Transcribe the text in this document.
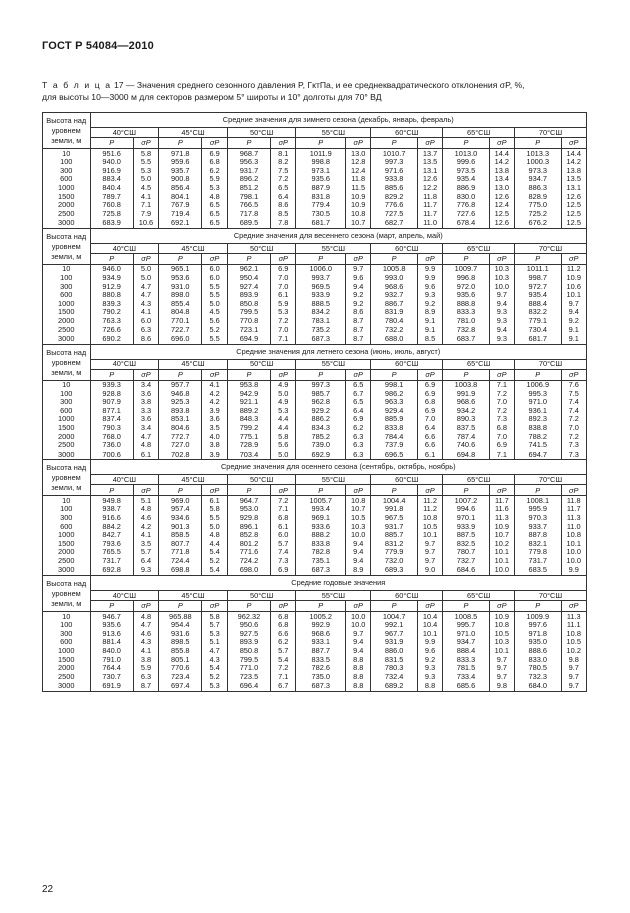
ГОСТ Р 54084—2010
Т а б л и ц а 17 — Значения среднего сезонного давления P, ГктПа, и ее среднеквадратического отклонения σP, %,
для высоты 10—3000 м для секторов размером 5° широты и 10° долготы для 70° ВД
Высота над уровнем земли, м	Средние значения для зимнего сезона (декабрь, январь, февраль)													
	40°СШ		45°СШ		50°СШ		55°СШ		60°СШ		65°СШ		70°СШ	
	P	σP	P	σP	P	σP	P	σP	P	σP	P	σP	P	σP
10	951.6	5.8	971.8	6.9	968.7	8.1	1011.9	13.0	1010.7	13.7	1013.0	14.4	1013.3	14.4
100	940.0	5.5	959.6	6.8	956.3	8.2	998.8	12.8	997.3	13.5	999.6	14.2	1000.3	14.2
300	916.9	5.3	935.7	6.2	931.7	7.5	973.1	12.4	971.6	13.1	973.5	13.8	973.3	13.8
600	883.4	5.0	900.8	5.9	896.2	7.2	935.6	11.8	933.8	12.6	935.4	13.4	934.7	13.5
1000	840.4	4.5	856.4	5.3	851.2	6.5	887.9	11.5	885.6	12.2	886.9	13.0	886.3	13.1
1500	789.7	4.1	804.1	4.8	798.1	6.4	831.8	10.9	829.2	11.8	830.0	12.6	828.9	12.6
2000	760.8	7.1	767.9	6.5	766.5	8.6	779.4	10.9	776.6	11.7	776.8	12.4	775.0	12.5
2500	725.8	7.9	719.4	6.5	717.8	8.5	730.5	10.8	727.5	11.7	727.6	12.5	725.2	12.5
3000	683.9	10.6	692.1	6.5	689.5	7.8	681.7	10.7	682.7	11.0	678.4	12.6	676.2	12.5
Высота над уровнем земли, м	Средние значения для весеннего сезона (март, апрель, май)													
	40°СШ		45°СШ		50°СШ		55°СШ		60°СШ		65°СШ		70°СШ	
	P	σP	P	σP	P	σP	P	σP	P	σP	P	σP	P	σP
10	946.0	5.0	965.1	6.0	962.1	6.9	1006.0	9.7	1005.8	9.9	1009.7	10.3	1011.1	11.2
100	934.9	5.0	953.6	6.0	950.4	7.0	993.7	9.6	993.0	9.9	996.8	10.3	998.7	10.9
300	912.9	4.7	931.0	5.5	927.4	7.0	969.5	9.4	968.6	9.6	972.0	10.0	972.7	10.6
600	880.8	4.7	898.0	5.5	893.9	6.1	933.9	9.2	932.7	9.3	935.6	9.7	935.4	10.1
1000	839.3	4.3	855.4	5.0	850.8	5.9	888.5	9.2	886.7	9.2	888.8	9.4	888.4	9.7
1500	790.2	4.1	804.8	4.5	799.5	5.3	834.2	8.6	831.9	8.9	833.3	9.3	832.2	9.4
2000	763.3	6.0	770.1	5.6	770.8	7.2	783.1	8.7	780.4	9.1	781.0	9.3	779.1	9.2
2500	726.6	6.3	722.7	5.2	723.1	7.0	735.2	8.7	732.2	9.1	732.8	9.4	730.4	9.1
3000	690.2	8.6	696.0	5.5	694.9	7.1	687.3	8.7	688.0	8.5	683.7	9.3	681.7	9.1
Высота над уровнем земли, м	Средние значения для летнего сезона (июнь, июль, август)													
	40°СШ		45°СШ		50°СШ		55°СШ		60°СШ		65°СШ		70°СШ	
	P	σP	P	σP	P	σP	P	σP	P	σP	P	σP	P	σP
10	939.3	3.4	957.7	4.1	953.8	4.9	997.3	6.5	998.1	6.9	1003.8	7.1	1006.9	7.6
100	928.8	3.6	946.8	4.2	942.9	5.0	985.7	6.7	986.2	6.9	991.9	7.2	995.3	7.5
300	907.9	3.8	925.3	4.2	921.1	4.9	962.8	6.5	963.3	6.8	968.6	7.0	971.0	7.4
600	877.1	3.3	893.8	3.9	889.2	5.3	929.2	6.4	929.4	6.9	934.2	7.2	936.1	7.4
1000	837.4	3.6	853.1	3.6	848.3	4.4	886.2	6.9	885.9	7.0	890.3	7.3	892.3	7.2
1500	790.3	3.4	804.6	3.5	799.2	4.4	834.3	6.2	833.8	6.4	837.5	6.8	838.8	7.0
2000	768.0	4.7	772.7	4.0	775.1	5.8	785.2	6.3	784.4	6.6	787.4	7.0	788.2	7.2
2500	736.0	4.8	727.0	3.8	728.9	5.6	739.0	6.3	737.9	6.6	740.6	6.9	741.5	7.3
3000	700.6	6.1	702.8	3.9	703.4	5.0	692.9	6.3	696.5	6.1	694.8	7.1	694.7	7.3
Высота над уровнем земли, м	Средние значения для осеннего сезона (сентябрь, октябрь, ноябрь)													
	40°СШ		45°СШ		50°СШ		55°СШ		60°СШ		65°СШ		70°СШ	
	P	σP	P	σP	P	σP	P	σP	P	σP	P	σP	P	σP
10	949.8	5.1	969.0	6.1	964.7	7.2	1005.7	10.8	1004.4	11.2	1007.2	11.7	1008.1	11.8
100	938.7	4.8	957.4	5.8	953.0	7.1	993.4	10.7	991.8	11.2	994.6	11.6	995.9	11.7
300	916.6	4.6	934.6	5.5	929.8	6.8	969.1	10.5	967.5	10.8	970.1	11.3	970.3	11.3
600	884.2	4.2	901.3	5.0	896.1	6.1	933.6	10.3	931.7	10.5	933.9	10.9	933.7	11.0
1000	842.7	4.1	858.5	4.8	852.8	6.0	888.2	10.0	885.7	10.1	887.5	10.7	887.8	10.8
1500	793.6	3.5	807.7	4.4	801.2	5.7	833.8	9.4	831.2	9.7	832.5	10.2	832.1	10.1
2000	765.5	5.7	771.8	5.4	771.6	7.4	782.8	9.4	779.9	9.7	780.7	10.1	779.8	10.0
2500	731.7	6.4	724.4	5.2	724.2	7.3	735.1	9.4	732.0	9.7	732.7	10.1	731.7	10.0
3000	692.8	9.3	698.8	5.4	698.0	6.9	687.3	8.9	689.3	9.0	684.6	10.0	683.5	9.9
Высота над уровнем земли, м	Средние годовые значения													
	40°СШ		45°СШ		50°СШ		55°СШ		60°СШ		65°СШ		70°СШ	
	P	σP	P	σP	P	σP	P	σP	P	σP	P	σP	P	σP
10	946.7	4.8	965.88	5.8	962.32	6.8	1005.2	10.0	1004.7	10.4	1008.5	10.9	1009.9	11.3
100	935.6	4.7	954.4	5.7	950.6	6.8	992.9	10.0	992.1	10.4	995.7	10.8	997.6	11.1
300	913.6	4.6	931.6	5.3	927.5	6.6	968.6	9.7	967.7	10.1	971.0	10.5	971.8	10.8
600	881.4	4.3	898.5	5.1	893.9	6.2	933.1	9.4	931.9	9.9	934.7	10.3	935.0	10.5
1000	840.0	4.1	855.8	4.7	850.8	5.7	887.7	9.4	886.0	9.6	888.4	10.1	888.6	10.2
1500	791.0	3.8	805.1	4.3	799.5	5.4	833.5	8.8	831.5	9.2	833.3	9.7	833.0	9.8
2000	764.4	5.9	770.6	5.4	771.0	7.2	782.6	8.8	780.3	9.3	781.5	9.7	780.5	9.7
2500	730.7	6.3	723.4	5.2	723.5	7.1	735.0	8.8	732.4	9.3	733.4	9.7	732.3	9.7
3000	691.9	8.7	697.4	5.3	696.4	6.7	687.3	8.8	689.2	8.8	685.6	9.8	684.0	9.7
22
